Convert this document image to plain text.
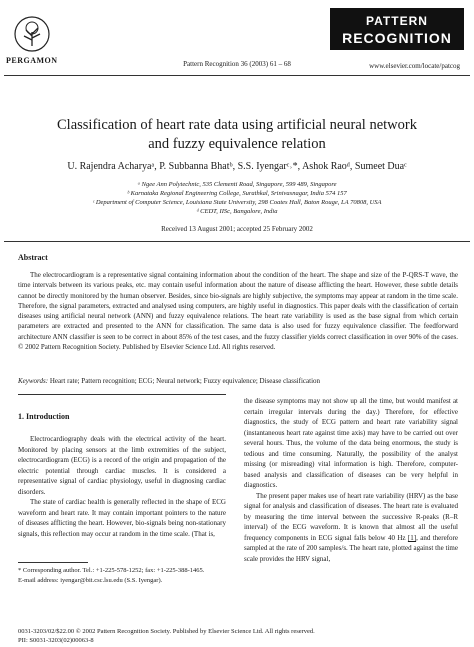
PERGAMON	Pattern Recognition 36 (2003) 61 – 68
PATTERN
RECOGNITION
www.elsevier.com/locate/patcog
Classification of heart rate data using artificial neural network
and fuzzy equivalence relation
U. Rajendra Acharyaᵃ, P. Subbanna Bhatᵇ, S.S. Iyengarᶜ˒*, Ashok Raoᵈ, Sumeet Duaᶜ
ᵃ Ngee Ann Polytechnic, 535 Clementi Road, Singapore, 599 489, Singapore
ᵇ Karnataka Regional Engineering College, Surathkal, Srinivasnagar, India 574 157
ᶜ Department of Computer Science, Louisiana State University, 298 Coates Hall, Baton Rouge, LA 70808, USA
ᵈ CEDT, IISc, Bangalore, India
Received 13 August 2001; accepted 25 February 2002
Abstract

The electrocardiogram is a representative signal containing information about the condition of the heart. The shape and size of the P-QRS-T wave, the time intervals between its various peaks, etc. may contain useful information about the nature of disease afflicting the heart. However, these subtle details cannot be directly monitored by the human observer. Besides, since bio-signals are highly subjective, the symptoms may appear at random in the time scale. Therefore, the signal parameters, extracted and analysed using computers, are highly useful in diagnostics. This paper deals with the classification of certain diseases using artificial neural network (ANN) and fuzzy equivalence relations. The heart rate variability is used as the base signal from which certain parameters are extracted and presented to the ANN for classification. The same data is also used for fuzzy equivalence classifier. The feedforward architecture ANN classifier is seen to be correct in about 85% of the test cases, and the fuzzy classifier yields correct classification in over 90% of the cases. © 2002 Pattern Recognition Society. Published by Elsevier Science Ltd. All rights reserved.

Keywords: Heart rate; Pattern recognition; ECG; Neural network; Fuzzy equivalence; Disease classification
1. Introduction

Electrocardiography deals with the electrical activity of the heart. Monitored by placing sensors at the limb extremities of the subject, electrocardiogram (ECG) is a record of the origin and propagation of the electric potential through cardiac muscles. It is considered a representative signal of cardiac physiology, useful in diagnosing cardiac disorders.

The state of cardiac health is generally reflected in the shape of ECG waveform and heart rate. It may contain important pointers to the nature of diseases afflicting the heart. However, bio-signals being non-stationary signals, this reflection may occur at random in the time scale. (That is,

the disease symptoms may not show up all the time, but would manifest at certain irregular intervals during the day.) Therefore, for effective diagnostics, the study of ECG pattern and heart rate variability signal (instantaneous heart rate against time axis) may have to be carried out over several hours. Thus, the volume of the data being enormous, the study is tedious and time consuming. Naturally, the possibility of the analyst missing (or misreading) vital information is high. Therefore, computer-based analysis and classification of diseases can be very helpful in diagnostics.

The present paper makes use of heart rate variability (HRV) as the base signal for analysis and classification of diseases. The heart rate is evaluated by measuring the time interval between the successive R-peaks (R–R interval) of the ECG waveform. It is known that almost all the useful frequency components in ECG signal falls below 40 Hz [1], and therefore sampled at the rate of 200 samples/s. The heart rate, plotted against the time scale provides the HRV signal,

* Corresponding author. Tel.: +1-225-578-1252; fax: +1-225-388-1465.

E-mail address: iyengar@bit.csc.lsu.edu (S.S. Iyengar).

0031-3203/02/$22.00 © 2002 Pattern Recognition Society. Published by Elsevier Science Ltd. All rights reserved.
PII: S0031-3203(02)00063-8
